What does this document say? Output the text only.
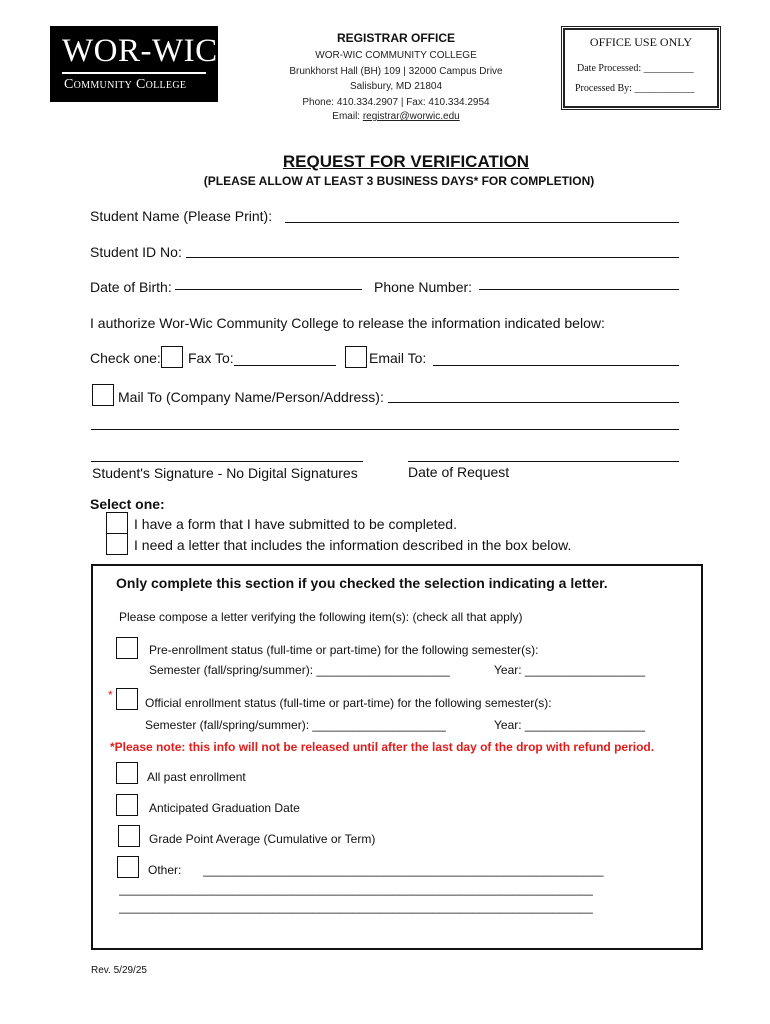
WOR-WIC
Community College
REGISTRAR OFFICE
WOR-WIC COMMUNITY COLLEGE
Brunkhorst Hall (BH) 109 | 32000 Campus Drive
Salisbury, MD 21804
Phone: 410.334.2907 | Fax: 410.334.2954
Email: registrar@worwic.edu
OFFICE USE ONLY
Date Processed: __________
Processed By: ____________
REQUEST FOR VERIFICATION
(PLEASE ALLOW AT LEAST 3 BUSINESS DAYS* FOR COMPLETION)
Student Name (Please Print):
Student ID No:
Date of Birth:	Phone Number:
I authorize Wor-Wic Community College to release the information indicated below:
Check one: Fax To:	Email To:
Mail To (Company Name/Person/Address):
Student's Signature - No Digital Signatures	Date of Request
Select one:
I have a form that I have submitted to be completed.
I need a letter that includes the information described in the box below.
Only complete this section if you checked the selection indicating a letter.
Please compose a letter verifying the following item(s): (check all that apply)
Pre-enrollment status (full-time or part-time) for the following semester(s):
Semester (fall/spring/summer): ____________________	Year: __________________
*
Official enrollment status (full-time or part-time) for the following semester(s):
Semester (fall/spring/summer): ____________________	Year: __________________
*Please note: this info will not be released until after the last day of the drop with refund period.
All past enrollment
Anticipated Graduation Date
Grade Point Average (Cumulative or Term)
Other: ____________________________________________________________
_______________________________________________________________________
_______________________________________________________________________
Rev. 5/29/25
